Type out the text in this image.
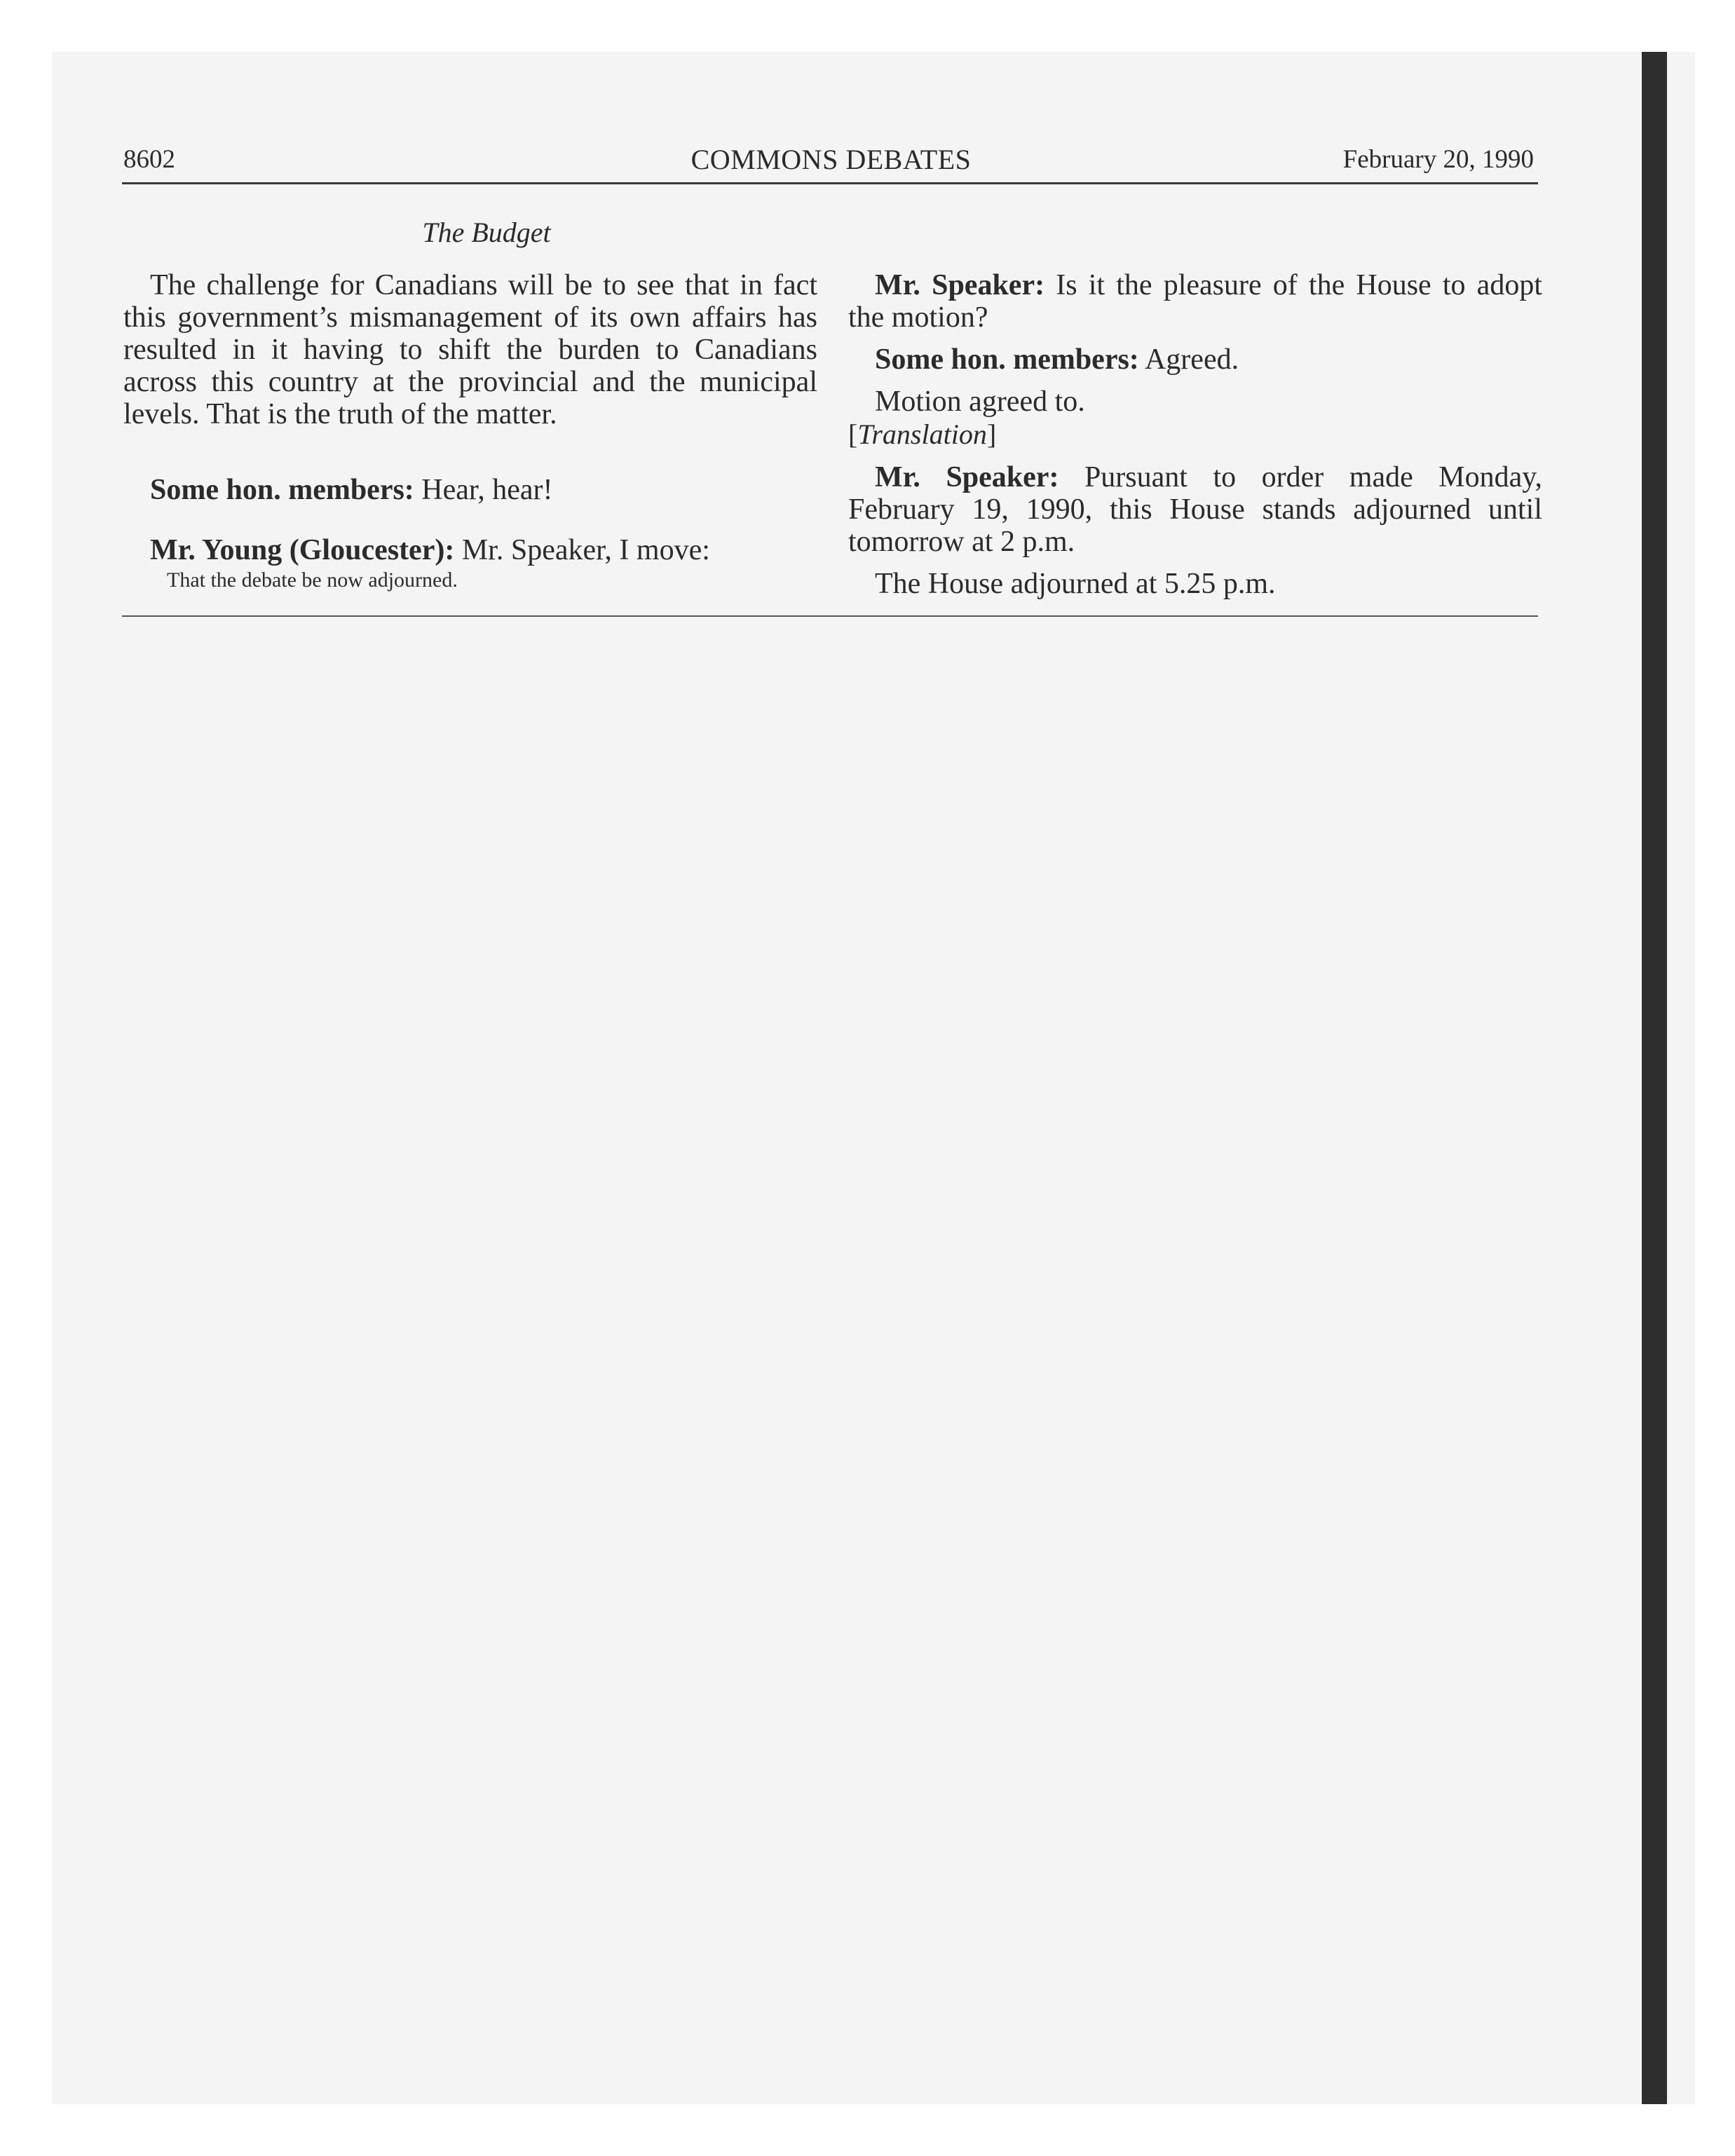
8602	COMMONS DEBATES	February 20, 1990
The Budget

The challenge for Canadians will be to see that in fact this government’s mismanagement of its own affairs has resulted in it having to shift the burden to Canadians across this country at the provincial and the municipal levels. That is the truth of the matter.

Some hon. members: Hear, hear!

Mr. Young (Gloucester): Mr. Speaker, I move:

That the debate be now adjourned.

Mr. Speaker: Is it the pleasure of the House to adopt the motion?

Some hon. members: Agreed.

Motion agreed to.

[Translation]

Mr. Speaker: Pursuant to order made Monday, February 19, 1990, this House stands adjourned until tomorrow at 2 p.m.

The House adjourned at 5.25 p.m.
